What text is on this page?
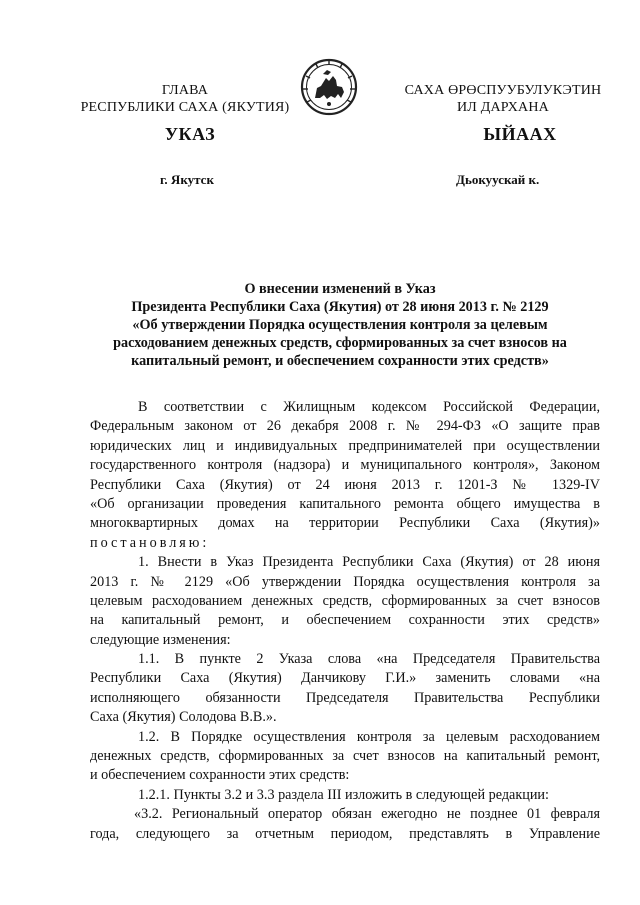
ГЛАВА
РЕСПУБЛИКИ САХА (ЯКУТИЯ)
САХА ӨРӨСПУУБУЛУКЭТИН
ИЛ ДАРХАНА
УКАЗ	ЫЙААХ
г. Якутск	Дьокуускай к.
О внесении изменений в Указ
Президента Республики Саха (Якутия) от 28 июня 2013 г. № 2129
«Об утверждении Порядка осуществления контроля за целевым
расходованием денежных средств, сформированных за счет взносов на
капитальный ремонт, и обеспечением сохранности этих средств»
В соответствии с Жилищным кодексом Российской Федерации,
Федеральным законом от 26 декабря 2008 г. № 294-ФЗ «О защите прав
юридических лиц и индивидуальных предпринимателей при осуществлении
государственного контроля (надзора) и муниципального контроля», Законом
Республики Саха (Якутия) от 24 июня 2013 г. 1201-З № 1329-IV
«Об организации проведения капитального ремонта общего имущества в
многоквартирных домах на территории Республики Саха (Якутия)»
постановляю:
1. Внести в Указ Президента Республики Саха (Якутия) от 28 июня
2013 г. № 2129 «Об утверждении Порядка осуществления контроля за
целевым расходованием денежных средств, сформированных за счет взносов
на капитальный ремонт, и обеспечением сохранности этих средств»
следующие изменения:
1.1. В пункте 2 Указа слова «на Председателя Правительства
Республики Саха (Якутия) Данчикову Г.И.» заменить словами «на
исполняющего обязанности Председателя Правительства Республики
Саха (Якутия) Солодова В.В.».
1.2. В Порядке осуществления контроля за целевым расходованием
денежных средств, сформированных за счет взносов на капитальный ремонт,
и обеспечением сохранности этих средств:
1.2.1. Пункты 3.2 и 3.3 раздела III изложить в следующей редакции:
«3.2. Региональный оператор обязан ежегодно не позднее 01 февраля
года, следующего за отчетным периодом, представлять в Управление
